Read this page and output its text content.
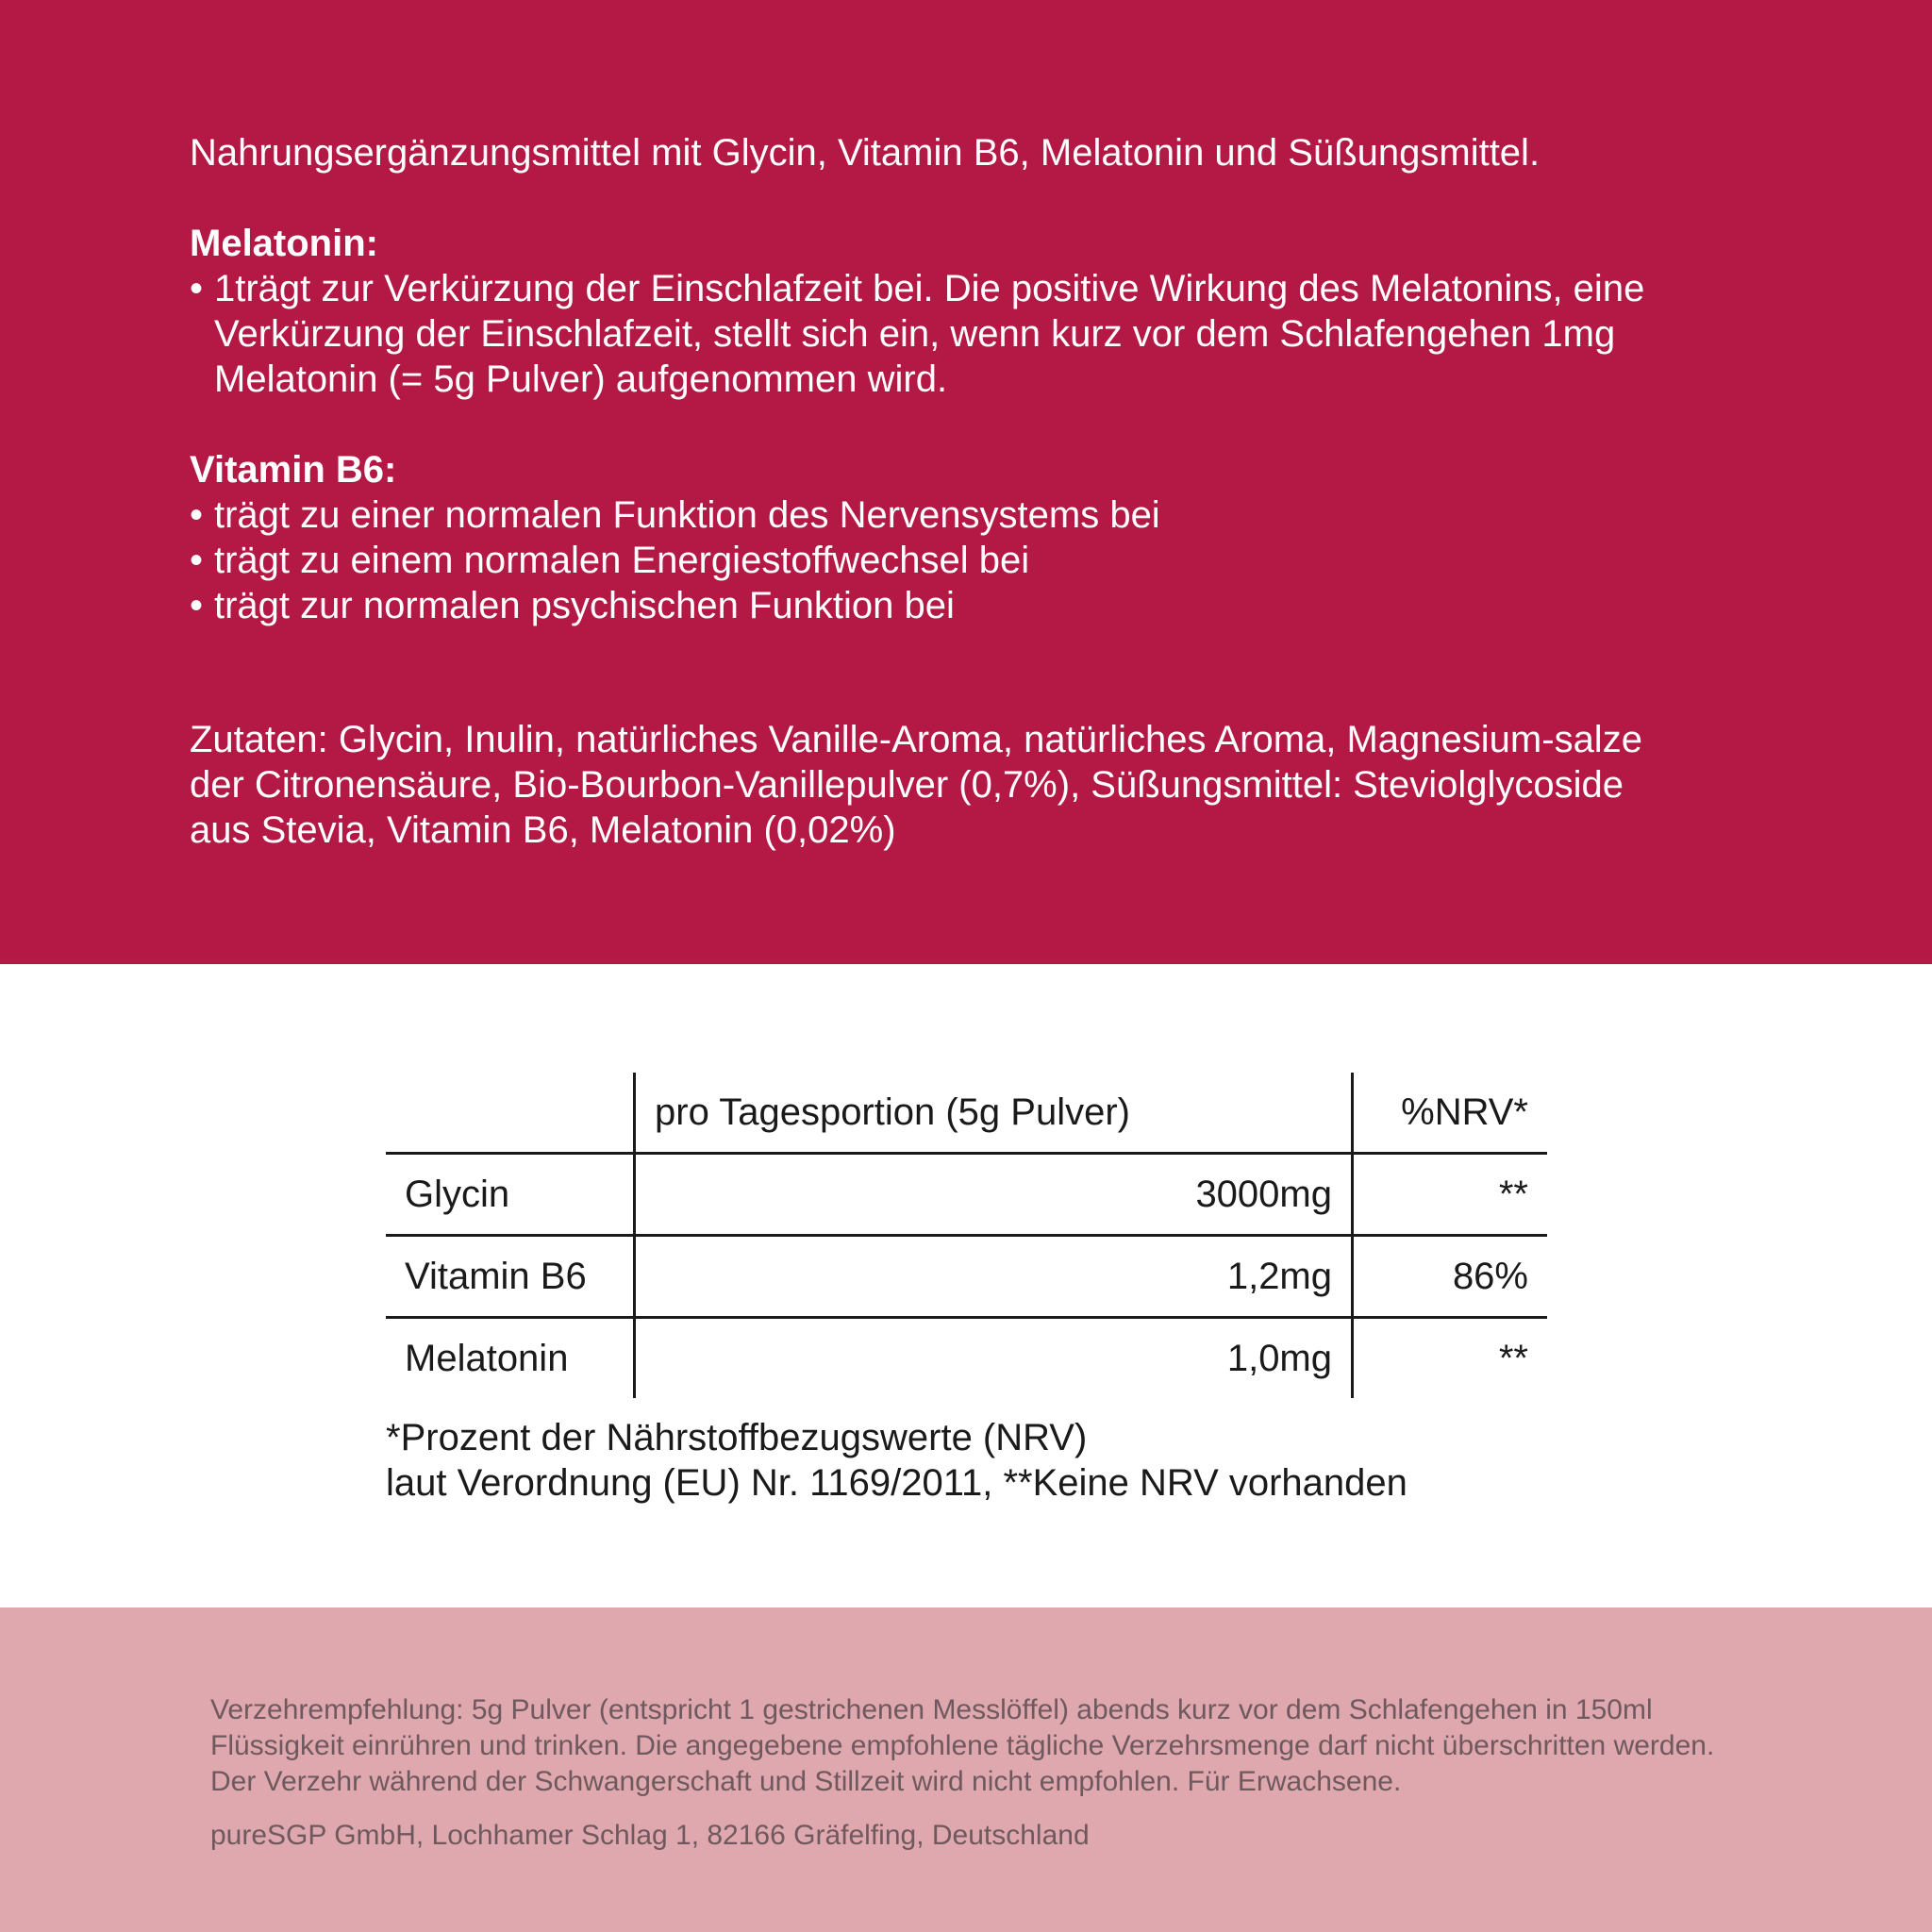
Nahrungsergänzungsmittel mit Glycin, Vitamin B6, Melatonin und Süßungsmittel.

Melatonin:
• 1trägt zur Verkürzung der Einschlafzeit bei. Die positive Wirkung des Melatonins, eine Verkürzung der Einschlafzeit, stellt sich ein, wenn kurz vor dem Schlafengehen 1mg Melatonin (= 5g Pulver) aufgenommen wird.
Vitamin B6:
• trägt zu einer normalen Funktion des Nervensystems bei
• trägt zu einem normalen Energiestoffwechsel bei
• trägt zur normalen psychischen Funktion bei

Zutaten: Glycin, Inulin, natürliches Vanille-Aroma, natürliches Aroma, Magnesium-salze der Citronensäure, Bio-Bourbon-Vanillepulver (0,7%), Süßungsmittel: Steviolglycoside aus Stevia, Vitamin B6, Melatonin (0,02%)

	pro Tagesportion (5g Pulver)	%NRV*
Glycin	3000mg	**
Vitamin B6	1,2mg	86%
Melatonin	1,0mg	**

*Prozent der Nährstoffbezugswerte (NRV)

laut Verordnung (EU) Nr. 1169/2011, **Keine NRV vorhanden

Verzehrempfehlung: 5g Pulver (entspricht 1 gestrichenen Messlöffel) abends kurz vor dem Schlafengehen in 150ml Flüssigkeit einrühren und trinken. Die angegebene empfohlene tägliche Verzehrsmenge darf nicht überschritten werden. Der Verzehr während der Schwangerschaft und Stillzeit wird nicht empfohlen. Für Erwachsene.

pureSGP GmbH, Lochhamer Schlag 1, 82166 Gräfelfing, Deutschland
